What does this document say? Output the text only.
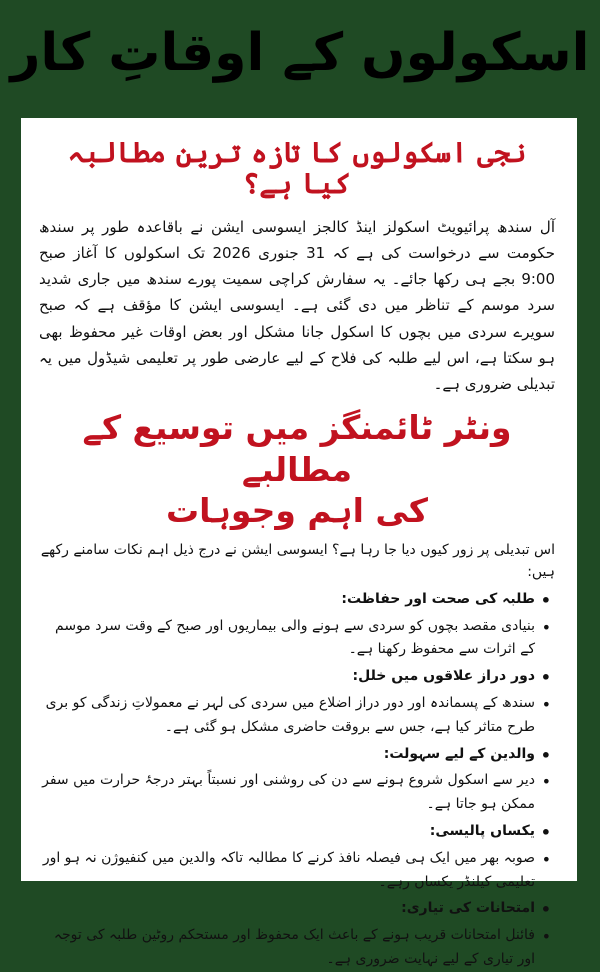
اسکولوں کے اوقاتِ کار
نجی اسکولوں کا تازہ ترین مطالبہ کیا ہے؟

آل سندھ پرائیویٹ اسکولز اینڈ کالجز ایسوسی ایشن نے باقاعدہ طور پر سندھ حکومت سے درخواست کی ہے کہ 31 جنوری 2026 تک اسکولوں کا آغاز صبح 9:00 بجے ہی رکھا جائے۔ یہ سفارش کراچی سمیت پورے سندھ میں جاری شدید سرد موسم کے تناظر میں دی گئی ہے۔ ایسوسی ایشن کا مؤقف ہے کہ صبح سویرے سردی میں بچوں کا اسکول جانا مشکل اور بعض اوقات غیر محفوظ بھی ہو سکتا ہے، اس لیے طلبہ کی فلاح کے لیے عارضی طور پر تعلیمی شیڈول میں یہ تبدیلی ضروری ہے۔

ونٹر ٹائمنگز میں توسیع کے مطالبے
کی اہم وجوہات

اس تبدیلی پر زور کیوں دیا جا رہا ہے؟ ایسوسی ایشن نے درج ذیل اہم نکات سامنے رکھے ہیں:

• طلبہ کی صحت اور حفاظت:
• بنیادی مقصد بچوں کو سردی سے ہونے والی بیماریوں اور صبح کے وقت سرد موسم کے اثرات سے محفوظ رکھنا ہے۔
• دور دراز علاقوں میں خلل:
• سندھ کے پسماندہ اور دور دراز اضلاع میں سردی کی لہر نے معمولاتِ زندگی کو بری طرح متاثر کیا ہے، جس سے بروقت حاضری مشکل ہو گئی ہے۔
• والدین کے لیے سہولت:
• دیر سے اسکول شروع ہونے سے دن کی روشنی اور نسبتاً بہتر درجۂ حرارت میں سفر ممکن ہو جاتا ہے۔
• یکساں پالیسی:
• صوبہ بھر میں ایک ہی فیصلہ نافذ کرنے کا مطالبہ تاکہ والدین میں کنفیوژن نہ ہو اور تعلیمی کیلنڈر یکساں رہے۔
• امتحانات کی تیاری:
• فائنل امتحانات قریب ہونے کے باعث ایک محفوظ اور مستحکم روٹین طلبہ کی توجہ اور تیاری کے لیے نہایت ضروری ہے۔
